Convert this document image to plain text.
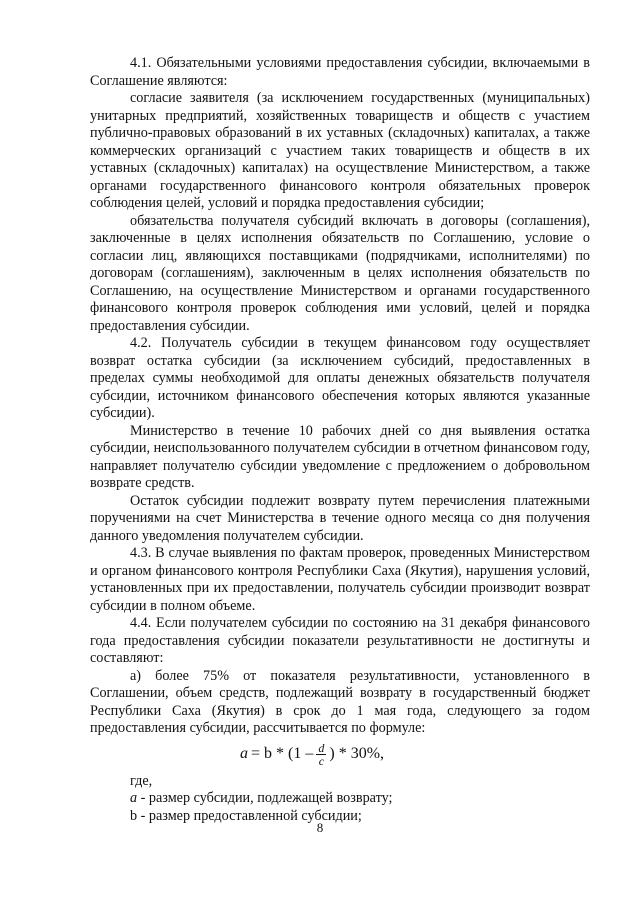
4.1. Обязательными условиями предоставления субсидии, включаемыми в Соглашение являются:

согласие заявителя (за исключением государственных (муниципальных) унитарных предприятий, хозяйственных товариществ и обществ с участием публично-правовых образований в их уставных (складочных) капиталах, а также коммерческих организаций с участием таких товариществ и обществ в их уставных (складочных) капиталах) на осуществление Министерством, а также органами государственного финансового контроля обязательных проверок соблюдения целей, условий и порядка предоставления субсидии;

обязательства получателя субсидий включать в договоры (соглашения), заключенные в целях исполнения обязательств по Соглашению, условие о согласии лиц, являющихся поставщиками (подрядчиками, исполнителями) по договорам (соглашениям), заключенным в целях исполнения обязательств по Соглашению, на осуществление Министерством и органами государственного финансового контроля проверок соблюдения ими условий, целей и порядка предоставления субсидии.

4.2. Получатель субсидии в текущем финансовом году осуществляет возврат остатка субсидии (за исключением субсидий, предоставленных в пределах суммы необходимой для оплаты денежных обязательств получателя субсидии, источником финансового обеспечения которых являются указанные субсидии).

Министерство в течение 10 рабочих дней со дня выявления остатка субсидии, неиспользованного получателем субсидии в отчетном финансовом году, направляет получателю субсидии уведомление с предложением о добровольном возврате средств.

Остаток субсидии подлежит возврату путем перечисления платежными поручениями на счет Министерства в течение одного месяца со дня получения данного уведомления получателем субсидии.

4.3. В случае выявления по фактам проверок, проведенных Министерством и органом финансового контроля Республики Саха (Якутия), нарушения условий, установленных при их предоставлении, получатель субсидии производит возврат субсидии в полном объеме.

4.4. Если получателем субсидии по состоянию на 31 декабря финансового года предоставления субсидии показатели результативности не достигнуты и составляют:

а) более 75% от показателя результативности, установленного в Соглашении, объем средств, подлежащий возврату в государственный бюджет Республики Саха (Якутия) в срок до 1 мая года, следующего за годом предоставления субсидии, рассчитывается по формуле:

$a = b * (1 - \frac{d}{c}$ ) * 30%,
где,
a - размер субсидии, подлежащей возврату;
b - размер предоставленной субсидии;
8
